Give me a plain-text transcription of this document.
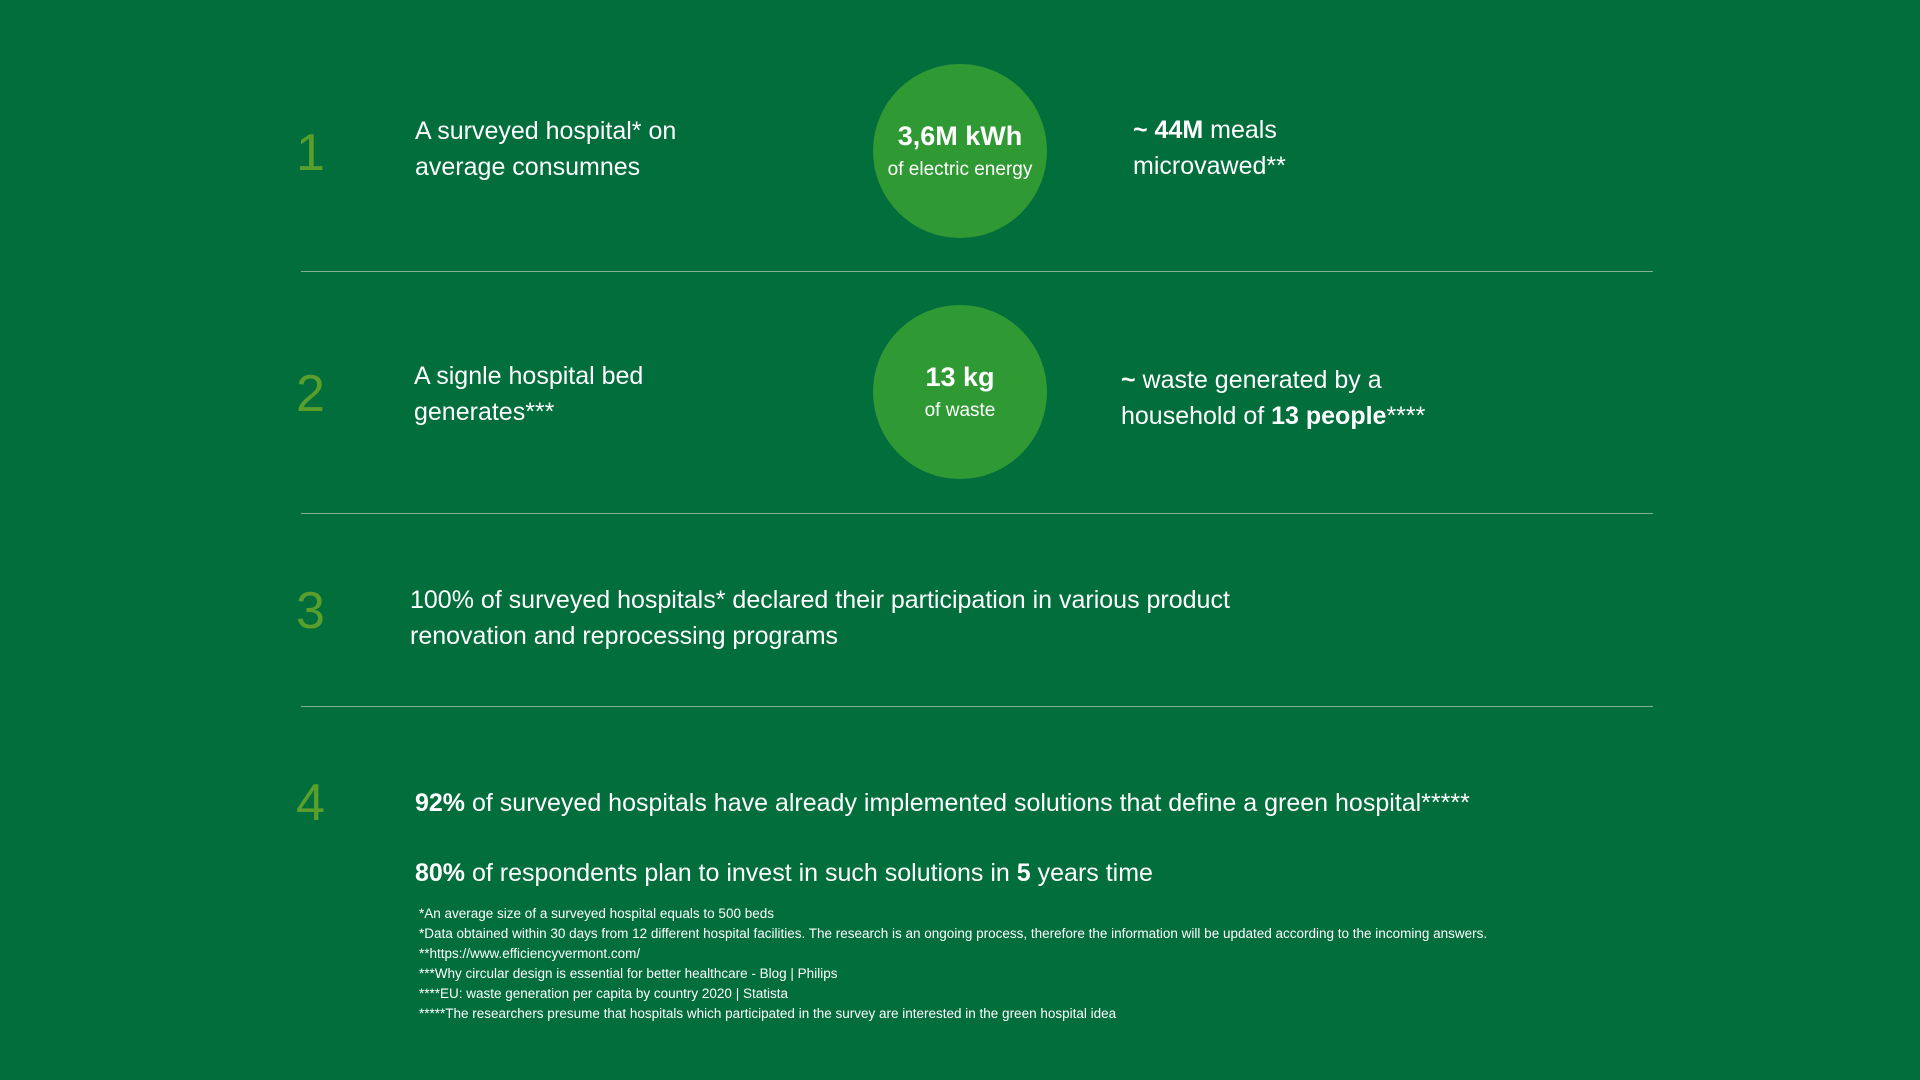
1	A surveyed hospital* on
average consumnes
3,6M kWh
of electric energy
~ 44M meals
microvawed**
2	A signle hospital bed
generates***
13 kg
of waste
~ waste generated by a
household of 13 people****
3	100% of surveyed hospitals* declared their participation in various product
renovation and reprocessing programs
4	92% of surveyed hospitals have already implemented solutions that define a green hospital*****
80% of respondents plan to invest in such solutions in 5 years time
*An average size of a surveyed hospital equals to 500 beds
*Data obtained within 30 days from 12 different hospital facilities. The research is an ongoing process, therefore the information will be updated according to the incoming answers.
**https://www.efficiencyvermont.com/
***Why circular design is essential for better healthcare - Blog | Philips
****EU: waste generation per capita by country 2020 | Statista
*****The researchers presume that hospitals which participated in the survey are interested in the green hospital idea
